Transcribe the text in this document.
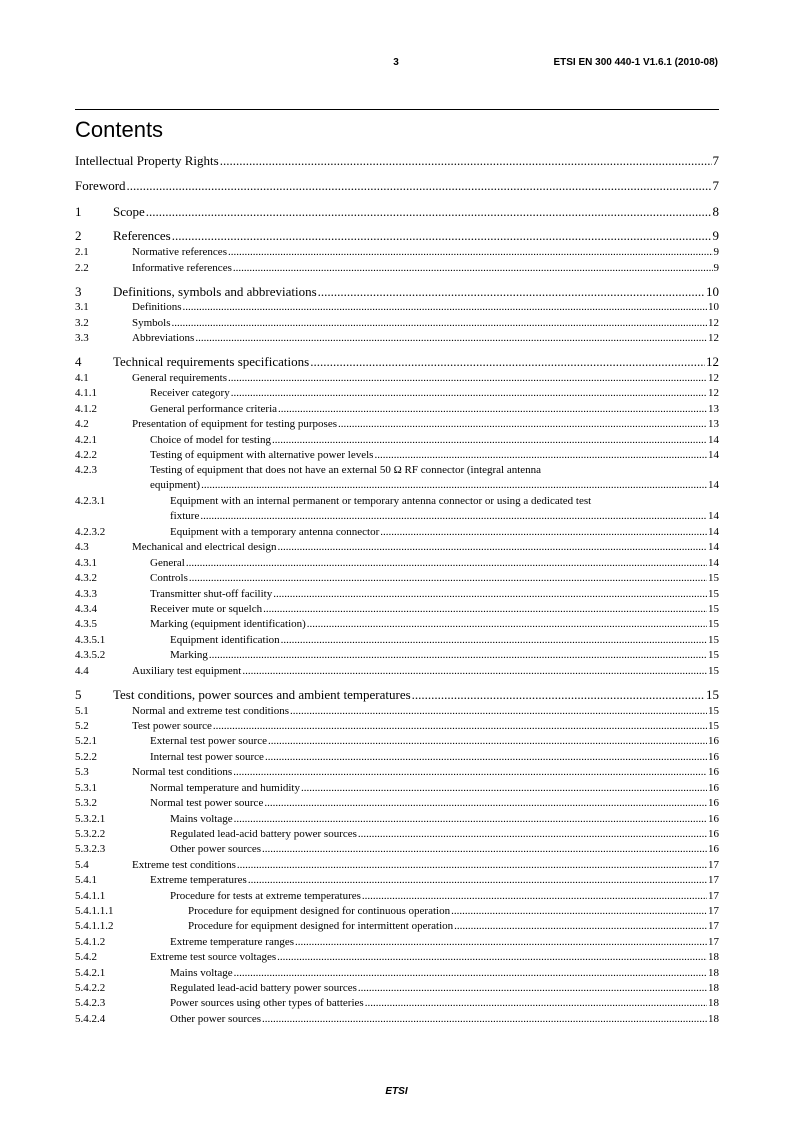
3	ETSI EN 300 440-1 V1.6.1 (2010-08)
Contents
Intellectual Property Rights .....	7
Foreword .....	7
1	Scope .....	8
2	References .....	9
2.1	Normative references .....	9
2.2	Informative references .....	9
3	Definitions, symbols and abbreviations .....	10
3.1	Definitions .....	10
3.2	Symbols .....	12
3.3	Abbreviations .....	12
4	Technical requirements specifications .....	12
4.1	General requirements .....	12
4.1.1	Receiver category .....	12
4.1.2	General performance criteria .....	13
4.2	Presentation of equipment for testing purposes .....	13
4.2.1	Choice of model for testing .....	14
4.2.2	Testing of equipment with alternative power levels .....	14
4.2.3	Testing of equipment that does not have an external 50 Ω RF connector (integral antenna
equipment) .....	14
4.2.3.1	Equipment with an internal permanent or temporary antenna connector or using a dedicated test
fixture .....	14
4.2.3.2	Equipment with a temporary antenna connector .....	14
4.3	Mechanical and electrical design .....	14
4.3.1	General .....	14
4.3.2	Controls .....	15
4.3.3	Transmitter shut-off facility .....	15
4.3.4	Receiver mute or squelch .....	15
4.3.5	Marking (equipment identification) .....	15
4.3.5.1	Equipment identification .....	15
4.3.5.2	Marking .....	15
4.4	Auxiliary test equipment .....	15
5	Test conditions, power sources and ambient temperatures .....	15
5.1	Normal and extreme test conditions .....	15
5.2	Test power source .....	15
5.2.1	External test power source .....	16
5.2.2	Internal test power source .....	16
5.3	Normal test conditions .....	16
5.3.1	Normal temperature and humidity .....	16
5.3.2	Normal test power source .....	16
5.3.2.1	Mains voltage .....	16
5.3.2.2	Regulated lead-acid battery power sources .....	16
5.3.2.3	Other power sources .....	16
5.4	Extreme test conditions .....	17
5.4.1	Extreme temperatures .....	17
5.4.1.1	Procedure for tests at extreme temperatures .....	17
5.4.1.1.1	Procedure for equipment designed for continuous operation .....	17
5.4.1.1.2	Procedure for equipment designed for intermittent operation .....	17
5.4.1.2	Extreme temperature ranges .....	17
5.4.2	Extreme test source voltages .....	18
5.4.2.1	Mains voltage .....	18
5.4.2.2	Regulated lead-acid battery power sources .....	18
5.4.2.3	Power sources using other types of batteries .....	18
5.4.2.4	Other power sources .....	18
ETSI
